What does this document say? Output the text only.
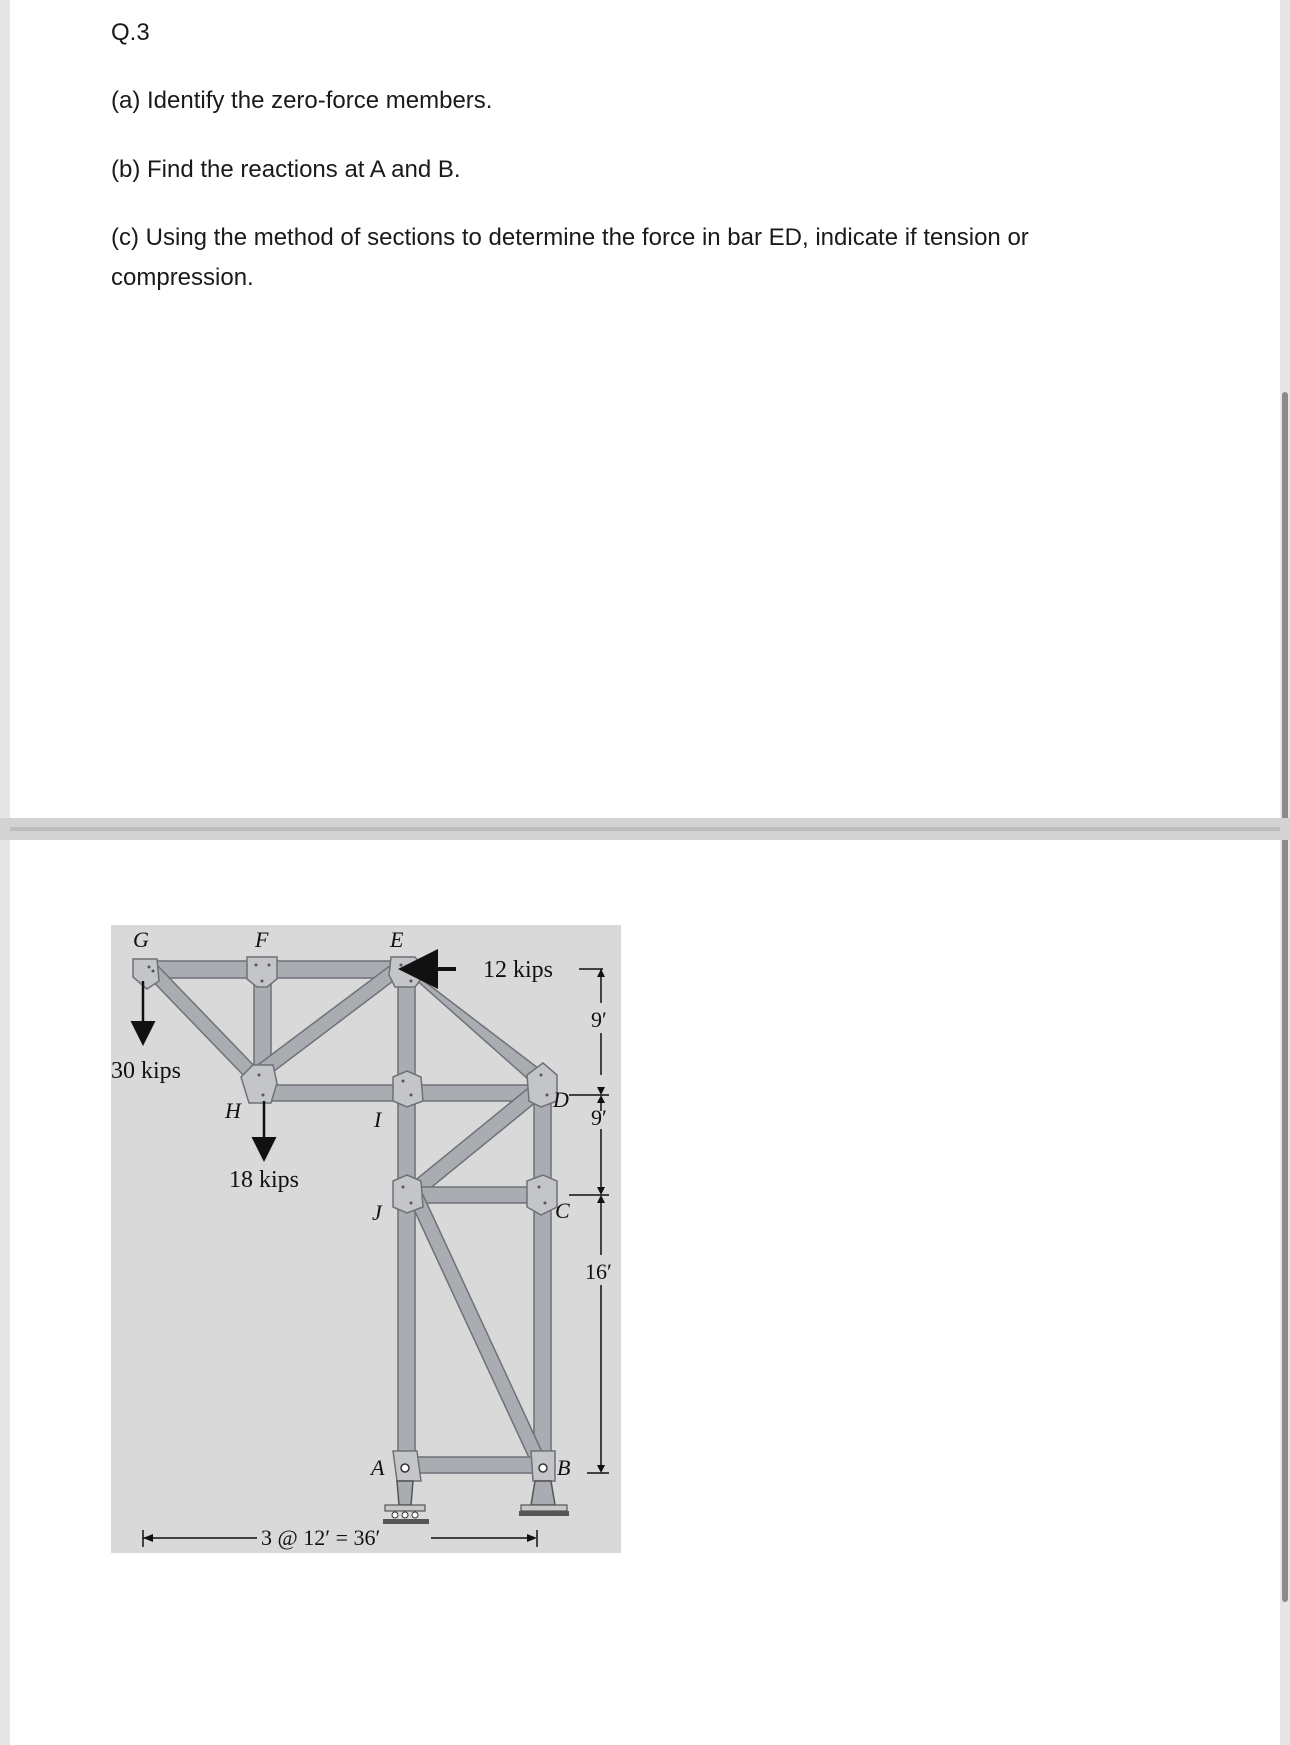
Q.3
(a) Identify the zero-force members.
(b) Find the reactions at A and B.
(c) Using the method of sections to determine the force in bar ED, indicate if tension or compression.
G	F	E
H	I
J
D
C
A	B
12 kips
30 kips
18 kips
9′
9′
16′
3 @ 12′ = 36′
